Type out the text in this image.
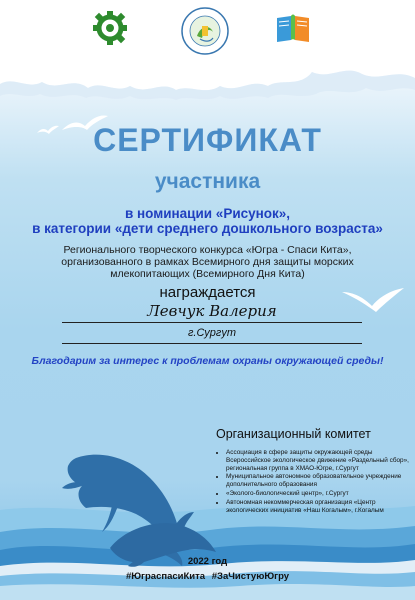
СЕРТИФИКАТ
участника
в номинации «Рисунок»,
в категории «дети среднего дошкольного возраста»
Регионального творческого конкурса «Югра - Спаси Кита»,
организованного в рамках Всемирного дня защиты морских
млекопитающих (Всемирного Дня Кита)
награждается
Левчук Валерия
г.Сургут
Благодарим за интерес к проблемам охраны окружающей среды!
Организационный комитет
• Ассоциация в сфере защиты окружающей среды Всероссийское экологическое движение «Раздельный сбор», региональная группа в ХМАО-Югре, г.Сургут
• Муниципальное автономное образовательное учреждение дополнительного образования
• «Эколого-биологический центр», г.Сургут
• Автономная некоммерческая организация «Центр экологических инициатив «Наш Когалым», г.Когалым
2022 год
#ЮграспасиКита #ЗаЧистуюЮгру
